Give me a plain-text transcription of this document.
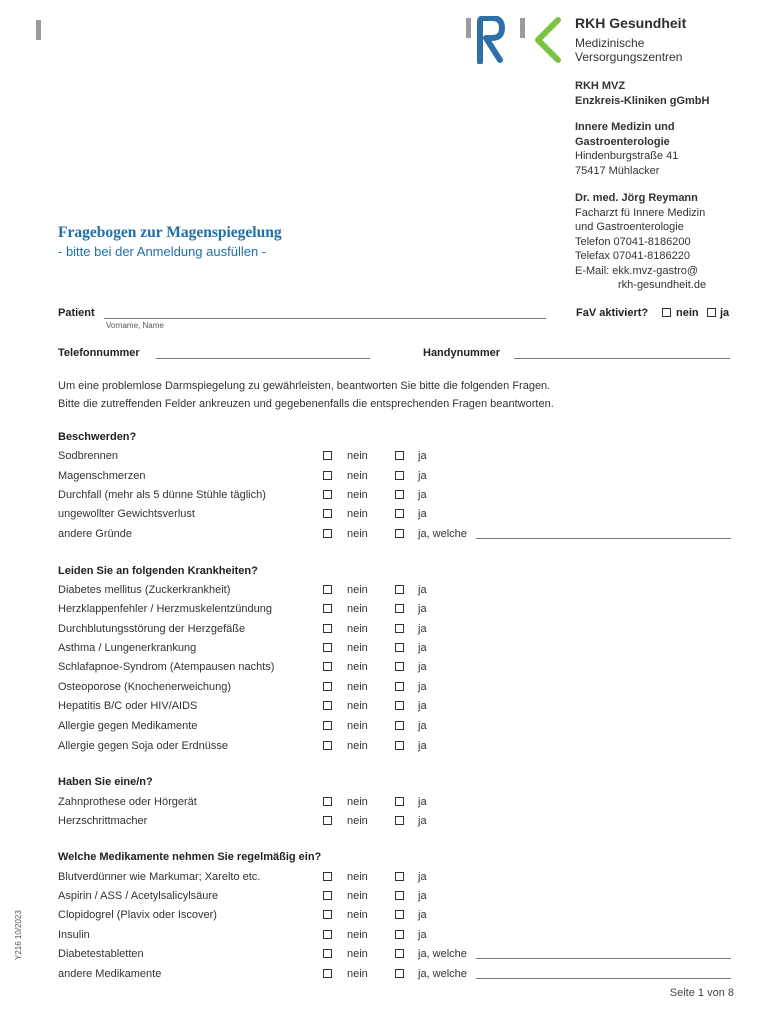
RKH Gesundheit
Medizinische
Versorgungszentren
RKH MVZ
Enzkreis-Kliniken gGmbH
Innere Medizin und
Gastroenterologie
Hindenburgstraße 41
75417 Mühlacker
Dr. med. Jörg Reymann
Facharzt fü Innere Medizin
und Gastroenterologie
Telefon 07041-8186200
Telefax 07041-8186220
E-Mail: ekk.mvz-gastro@
rkh-gesundheit.de
Fragebogen zur Magenspiegelung
- bitte bei der Anmeldung ausfüllen -
Patient
Vorname, Name
FaV aktiviert?	nein ja
Telefonnummer	Handynummer
Um eine problemlose Darmspiegelung zu gewährleisten, beantworten Sie bitte die folgenden Fragen.
Bitte die zutreffenden Felder ankreuzen und gegebenenfalls die entsprechenden Fragen beantworten.
Beschwerden?
Sodbrennen	nein	ja
Magenschmerzen	nein	ja
Durchfall (mehr als 5 dünne Stühle täglich)	nein	ja
ungewollter Gewichtsverlust	nein	ja
andere Gründe	nein	ja, welche
Leiden Sie an folgenden Krankheiten?
Diabetes mellitus (Zuckerkrankheit)	nein	ja
Herzklappenfehler / Herzmuskelentzündung	nein	ja
Durchblutungsstörung der Herzgefäße	nein	ja
Asthma / Lungenerkrankung	nein	ja
Schlafapnoe-Syndrom (Atempausen nachts)	nein	ja
Osteoporose (Knochenerweichung)	nein	ja
Hepatitis B/C oder HIV/AIDS	nein	ja
Allergie gegen Medikamente	nein	ja
Allergie gegen Soja oder Erdnüsse	nein	ja
Haben Sie eine/n?
Zahnprothese oder Hörgerät	nein	ja
Herzschrittmacher	nein	ja
Welche Medikamente nehmen Sie regelmäßig ein?
Blutverdünner wie Markumar; Xarelto etc.	nein	ja
Aspirin / ASS / Acetylsalicylsäure	nein	ja
Clopidogrel (Plavix oder Iscover)	nein	ja
Insulin	nein	ja
Diabetestabletten	nein	ja, welche
andere Medikamente	nein	ja, welche
Y216 10/2023
Seite 1 von 8
